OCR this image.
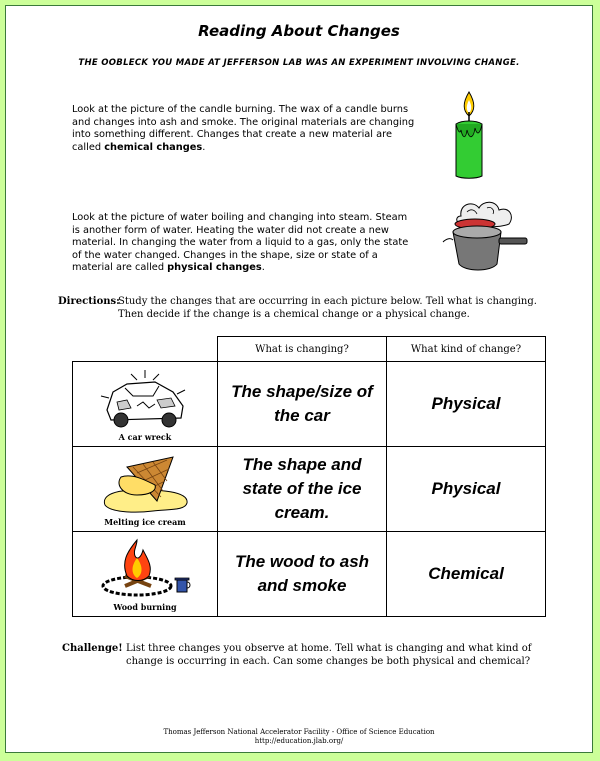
Reading About Changes
THE OOBLECK YOU MADE AT JEFFERSON LAB WAS AN EXPERIMENT INVOLVING CHANGE.
Look at the picture of the candle burning. The wax of a candle burns and changes into ash and smoke. The original materials are changing into something different. Changes that create a new material are called chemical changes.
Look at the picture of water boiling and changing into steam. Steam is another form of water. Heating the water did not create a new material. In changing the water from a liquid to a gas, only the state of the water changed. Changes in the shape, size or state of a material are called physical changes.
Directions:
Study the changes that are occurring in each picture below. Tell what is changing. Then decide if the change is a chemical change or a physical change.
	What is changing?	What kind of change?

A car wreck	The shape/size of the car	Physical

Melting ice cream	The shape and state of the ice cream.	Physical

Wood burning	The wood to ash and smoke	Chemical
Challenge! List three changes you observe at home. Tell what is changing and what kind of change is occurring in each. Can some changes be both physical and chemical?
Thomas Jefferson National Accelerator Facility - Office of Science Education
http://education.jlab.org/
